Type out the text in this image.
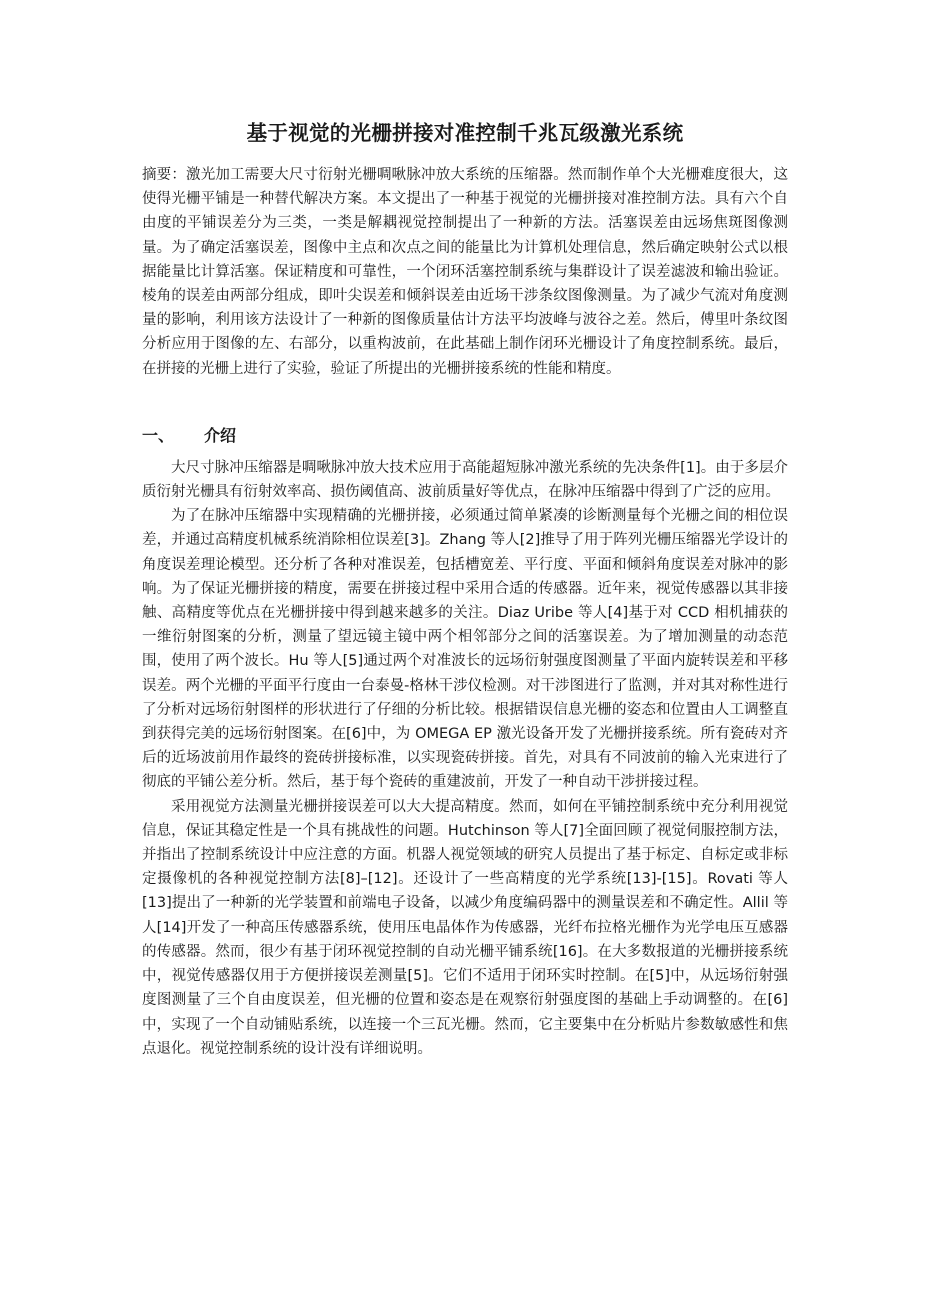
基于视觉的光栅拼接对准控制千兆瓦级激光系统

摘要：激光加工需要大尺寸衍射光栅啁啾脉冲放大系统的压缩器。然而制作单个大光栅难度很大，这使得光栅平铺是一种替代解决方案。本文提出了一种基于视觉的光栅拼接对准控制方法。具有六个自由度的平铺误差分为三类，一类是解耦视觉控制提出了一种新的方法。活塞误差由远场焦斑图像测量。为了确定活塞误差，图像中主点和次点之间的能量比为计算机处理信息，然后确定映射公式以根据能量比计算活塞。保证精度和可靠性，一个闭环活塞控制系统与集群设计了误差滤波和输出验证。棱角的误差由两部分组成，即叶尖误差和倾斜误差由近场干涉条纹图像测量。为了减少气流对角度测量的影响，利用该方法设计了一种新的图像质量估计方法平均波峰与波谷之差。然后，傅里叶条纹图分析应用于图像的左、右部分，以重构波前，在此基础上制作闭环光栅设计了角度控制系统。最后，在拼接的光栅上进行了实验，验证了所提出的光栅拼接系统的性能和精度。

一、 介绍

大尺寸脉冲压缩器是啁啾脉冲放大技术应用于高能超短脉冲激光系统的先决条件[1]。由于多层介质衍射光栅具有衍射效率高、损伤阈值高、波前质量好等优点，在脉冲压缩器中得到了广泛的应用。

为了在脉冲压缩器中实现精确的光栅拼接，必须通过简单紧凑的诊断测量每个光栅之间的相位误差，并通过高精度机械系统消除相位误差[3]。Zhang 等人[2]推导了用于阵列光栅压缩器光学设计的角度误差理论模型。还分析了各种对准误差，包括槽宽差、平行度、平面和倾斜角度误差对脉冲的影响。为了保证光栅拼接的精度，需要在拼接过程中采用合适的传感器。近年来，视觉传感器以其非接触、高精度等优点在光栅拼接中得到越来越多的关注。Diaz Uribe 等人[4]基于对 CCD 相机捕获的一维衍射图案的分析，测量了望远镜主镜中两个相邻部分之间的活塞误差。为了增加测量的动态范围，使用了两个波长。Hu 等人[5]通过两个对准波长的远场衍射强度图测量了平面内旋转误差和平移误差。两个光栅的平面平行度由一台泰曼-格林干涉仪检测。对干涉图进行了监测，并对其对称性进行了分析对远场衍射图样的形状进行了仔细的分析比较。根据错误信息光栅的姿态和位置由人工调整直到获得完美的远场衍射图案。在[6]中，为 OMEGA EP 激光设备开发了光栅拼接系统。所有瓷砖对齐后的近场波前用作最终的瓷砖拼接标准，以实现瓷砖拼接。首先，对具有不同波前的输入光束进行了彻底的平铺公差分析。然后，基于每个瓷砖的重建波前，开发了一种自动干涉拼接过程。

采用视觉方法测量光栅拼接误差可以大大提高精度。然而，如何在平铺控制系统中充分利用视觉信息，保证其稳定性是一个具有挑战性的问题。Hutchinson 等人[7]全面回顾了视觉伺服控制方法，并指出了控制系统设计中应注意的方面。机器人视觉领域的研究人员提出了基于标定、自标定或非标定摄像机的各种视觉控制方法[8]–[12]。还设计了一些高精度的光学系统[13]-[15]。Rovati 等人[13]提出了一种新的光学装置和前端电子设备，以减少角度编码器中的测量误差和不确定性。Allil 等人[14]开发了一种高压传感器系统，使用压电晶体作为传感器，光纤布拉格光栅作为光学电压互感器的传感器。然而，很少有基于闭环视觉控制的自动光栅平铺系统[16]。在大多数报道的光栅拼接系统中，视觉传感器仅用于方便拼接误差测量[5]。它们不适用于闭环实时控制。在[5]中，从远场衍射强度图测量了三个自由度误差，但光栅的位置和姿态是在观察衍射强度图的基础上手动调整的。在[6]中，实现了一个自动铺贴系统，以连接一个三瓦光栅。然而，它主要集中在分析贴片参数敏感性和焦点退化。视觉控制系统的设计没有详细说明。
